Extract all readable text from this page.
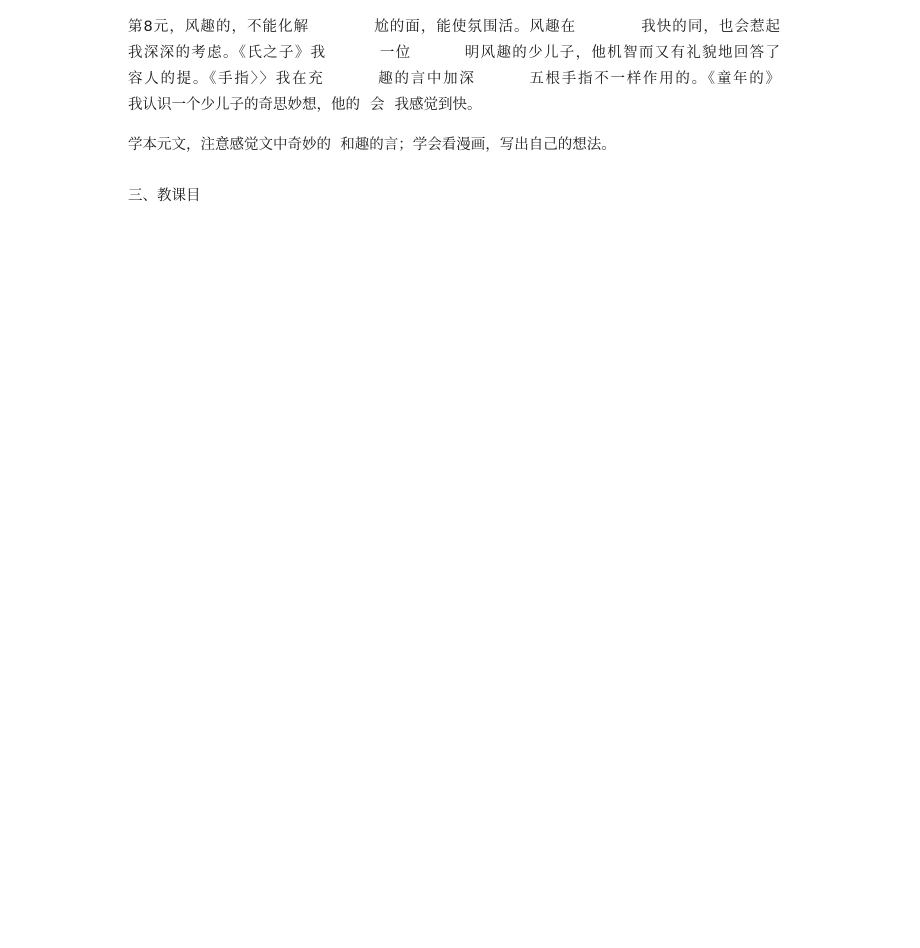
第8元，风趣的，不能化解	尬的面，能使氛围活。风趣在	我快的同，也会惹起
我深深的考虑。《氏之子》我	一位	明风趣的少儿子，他机智而又有礼貌地回答了
容人的提。《手指〉〉我在充	趣的言中加深	五根手指不一样作用的。《童年的》
我认识一个少儿子的奇思妙想，他的 会 我感觉到快。

学本元文，注意感觉文中奇妙的  和趣的言；学会看漫画，写出自己的想法。

三、教课目
